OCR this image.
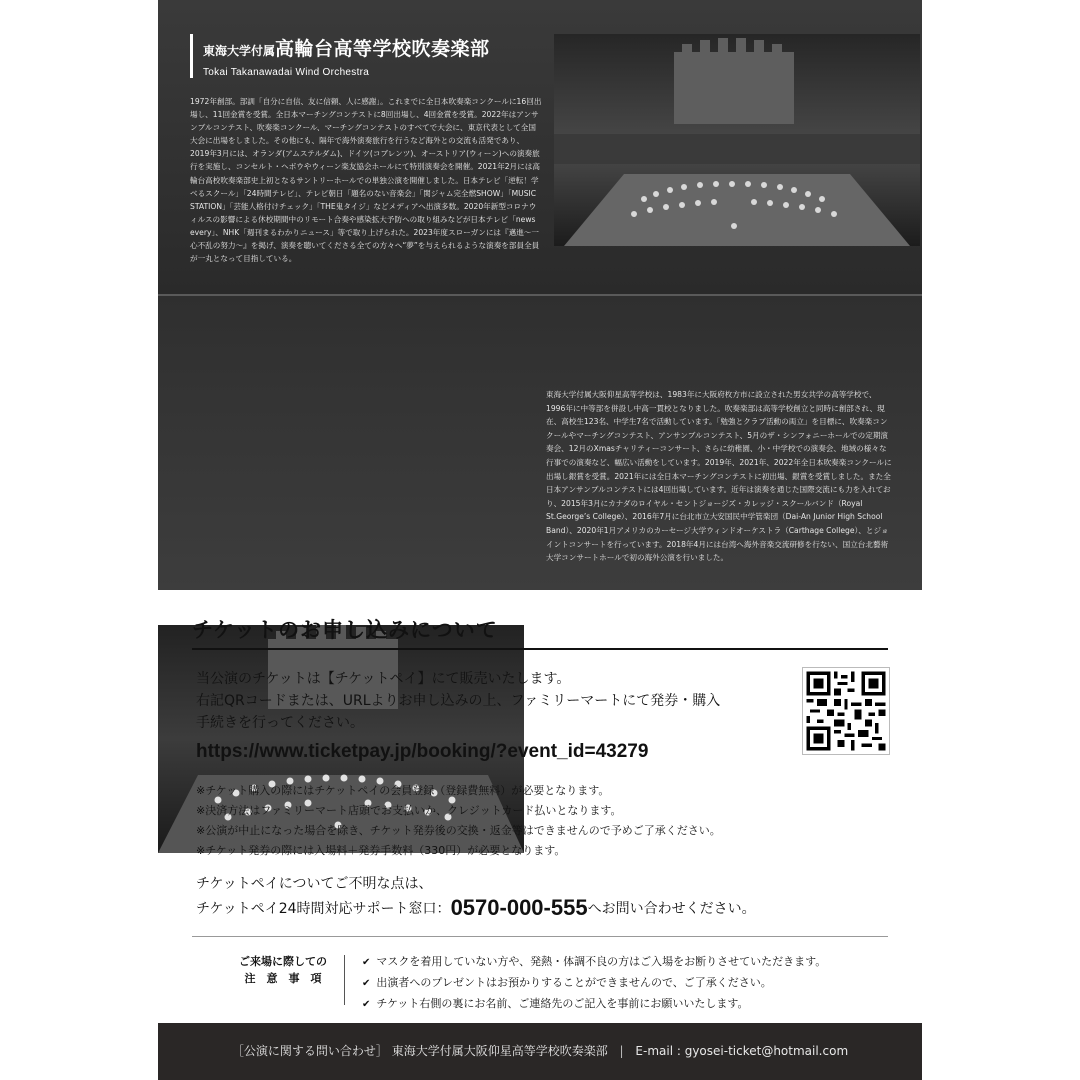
東海大学付属高輪台高等学校吹奏楽部
Tokai Takanawadai Wind Orchestra
1972年創部。部訓「自分に自信、友に信頼、人に感謝」。これまでに全日本吹奏楽コンクールに16回出場し、11回金賞を受賞。全日本マーチングコンテストに8回出場し、4回金賞を受賞。2022年はアンサンブルコンテスト、吹奏楽コンクール、マーチングコンテストのすべてで大会に、東京代表として全国大会に出場をしました。その他にも、隔年で海外演奏旅行を行うなど海外との交流も活発であり、2019年3月には、オランダ(アムステルダム)、ドイツ(コブレンツ)、オーストリア(ウィーン)への演奏旅行を実施し、コンセルト・ヘボウやウィーン楽友協会ホールにて特別演奏会を開催。2021年2月には高輪台高校吹奏楽部史上初となるサントリーホールでの単独公演を開催しました。日本テレビ「逆転！学べるスクール」「24時間テレビ」、テレビ朝日「題名のない音楽会」「関ジャム完全燃SHOW」「MUSIC STATION」「芸能人格付けチェック」「THE鬼タイジ」などメディアへ出演多数。2020年新型コロナウィルスの影響による休校期間中のリモート合奏や感染拡大予防への取り組みなどが日本テレビ「news every」、NHK「週刊まるわかりニュース」等で取り上げられた。2023年度スローガンには『邁進〜一心不乱の努力〜』を掲げ、演奏を聴いてくださる全ての方々へ“夢”を与えられるような演奏を部員全員が一丸となって目指している。
東海大学付属大阪仰星高等学校吹奏楽部
Tokai Gyosei Symphonic Band
東海大学付属大阪仰星高等学校は、1983年に大阪府枚方市に設立された男女共学の高等学校で、1996年に中等部を併設し中高一貫校となりました。吹奏楽部は高等学校創立と同時に創部され、現在、高校生123名、中学生7名で活動しています。「勉強とクラブ活動の両立」を目標に、吹奏楽コンクールやマーチングコンテスト、アンサンブルコンテスト、5月のザ・シンフォニーホールでの定期演奏会、12月のXmasチャリティーコンサート、さらに幼稚園、小・中学校での演奏会、地域の様々な行事での演奏など、幅広い活動をしています。2019年、2021年、2022年全日本吹奏楽コンクールに出場し銀賞を受賞。2021年には全日本マーチングコンテストに初出場、銀賞を受賞しました。また全日本アンサンブルコンテストには4回出場しています。近年は演奏を通じた国際交流にも力を入れており、2015年3月にカナダのロイヤル・セントジョージズ・カレッジ・スクールバンド（Royal St.George’s College）、2016年7月に台北市立大安国民中学管楽団（Dai-An Junior High School Band）、2020年1月アメリカのカーセージ大学ウィンドオーケストラ（Carthage College）、とジョイントコンサートを行っています。2018年4月には台湾へ海外音楽交流研修を行ない、国立台北藝術大学コンサートホールで初の海外公演を行いました。
チケットのお申し込みについて
当公演のチケットは【チケットペイ】にて販売いたします。
右記QRコードまたは、URLよりお申し込みの上、ファミリーマートにて発券・購入
手続きを行ってください。
https://www.ticketpay.jp/booking/?event_id=43279
※チケット購入の際にはチケットペイの会員登録（登録費無料）が必要となります。
※決済方法はファミリーマート店頭でお支払いか、クレジットカード払いとなります。
※公演が中止になった場合を除き、チケット発券後の交換・返金等はできませんので予めご了承ください。
※チケット発券の際には入場料＋発券手数料（330円）が必要となります。
チケットペイについてご不明な点は、
チケットペイ24時間対応サポート窓口：0570-000-555へお問い合わせください。
ご来場に際しての
注　意　事　項
✔ マスクを着用していない方や、発熱・体調不良の方はご入場をお断りさせていただきます。
✔ 出演者へのプレゼントはお預かりすることができませんので、ご了承ください。
✔ チケット右側の裏にお名前、ご連絡先のご記入を事前にお願いいたします。
［公演に関する問い合わせ］ 東海大学付属大阪仰星高等学校吹奏楽部 | E-mail : gyosei-ticket@hotmail.com
